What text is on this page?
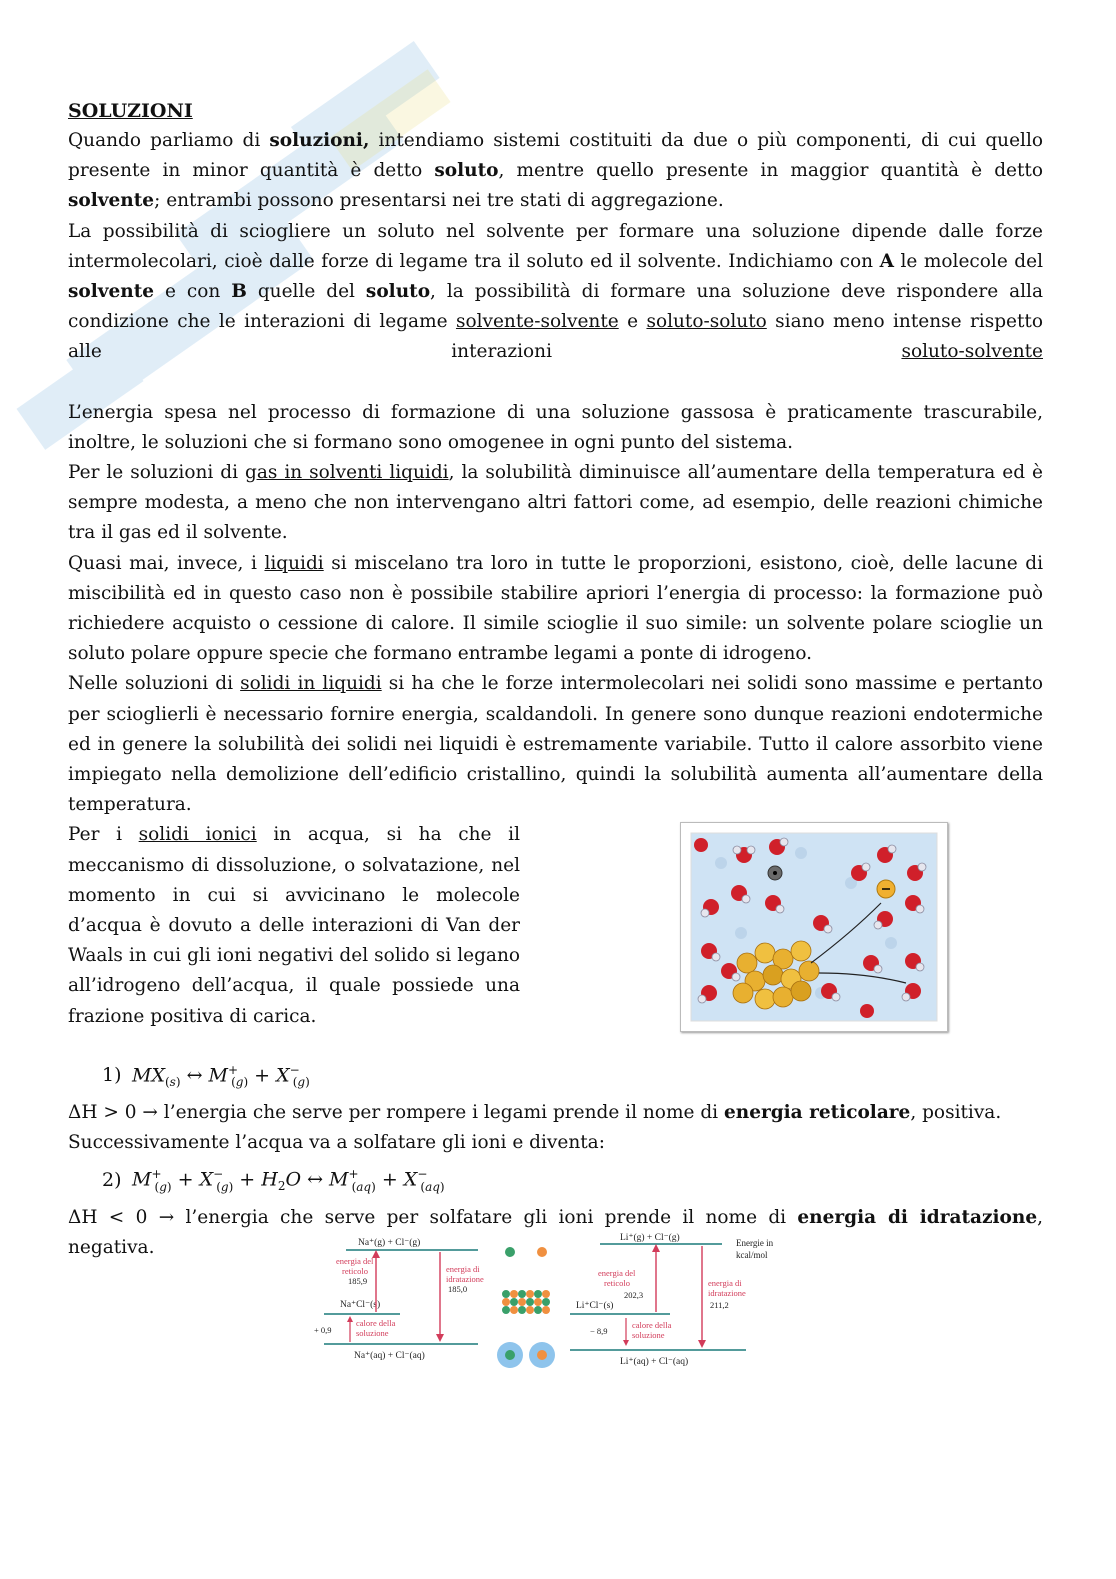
SOLUZIONI

Quando parliamo di soluzioni, intendiamo sistemi costituiti da due o più componenti, di cui quello presente in minor quantità è detto soluto, mentre quello presente in maggior quantità è detto solvente; entrambi possono presentarsi nei tre stati di aggregazione.

La possibilità di sciogliere un soluto nel solvente per formare una soluzione dipende dalle forze intermolecolari, cioè dalle forze di legame tra il soluto ed il solvente. Indichiamo con A le molecole del solvente e con B quelle del soluto, la possibilità di formare una soluzione deve rispondere alla condizione che le interazioni di legame solvente-solvente e soluto-soluto siano meno intense rispetto alle interazioni soluto-solvente

L’energia spesa nel processo di formazione di una soluzione gassosa è praticamente trascurabile, inoltre, le soluzioni che si formano sono omogenee in ogni punto del sistema.

Per le soluzioni di gas in solventi liquidi, la solubilità diminuisce all’aumentare della temperatura ed è sempre modesta, a meno che non intervengano altri fattori come, ad esempio, delle reazioni chimiche tra il gas ed il solvente.

Quasi mai, invece, i liquidi si miscelano tra loro in tutte le proporzioni, esistono, cioè, delle lacune di miscibilità ed in questo caso non è possibile stabilire apriori l’energia di processo: la formazione può richiedere acquisto o cessione di calore. Il simile scioglie il suo simile: un solvente polare scioglie un soluto polare oppure specie che formano entrambe legami a ponte di idrogeno.

Nelle soluzioni di solidi in liquidi si ha che le forze intermolecolari nei solidi sono massime e pertanto per scioglierli è necessario fornire energia, scaldandoli. In genere sono dunque reazioni endotermiche ed in genere la solubilità dei solidi nei liquidi è estremamente variabile. Tutto il calore assorbito viene impiegato nella demolizione dell’edificio cristallino, quindi la solubilità aumenta all’aumentare della temperatura.

Per i solidi ionici in acqua, si ha che il meccanismo di dissoluzione, o solvatazione, nel momento in cui si avvicinano le molecole d’acqua è dovuto a delle interazioni di Van der Waals in cui gli ioni negativi del solido si legano all’idrogeno dell’acqua, il quale possiede una frazione positiva di carica.

1) $MX_{(s)}$ ↔ $M^+_{(g)} + X^-_{(g)}$

ΔH > 0 → l’energia che serve per rompere i legami prende il nome di energia reticolare, positiva.

Successivamente l’acqua va a solfatare gli ioni e diventa:

2) $M^+_{(g)} + X^-_{(g)} + H_2O$ ↔ $M^+_{(aq)} + X^-_{(aq)}$

ΔH < 0 → l’energia che serve per solfatare gli ioni prende il nome di energia di idratazione, negativa.	Na⁺(g) + Cl⁻(g)
Na⁺Cl⁻(s)
Na⁺(aq) + Cl⁻(aq)
energia del
reticolo
185,9
energia di
idratazione
185,0
+ 0,9
calore della
soluzione
Li⁺(g) + Cl⁻(g)
Li⁺Cl⁻(s)
Li⁺(aq) + Cl⁻(aq)
energia del
reticolo
202,3
energia di
idratazione
211,2
− 8,9
calore della
soluzione
Energie in
kcal/mol
